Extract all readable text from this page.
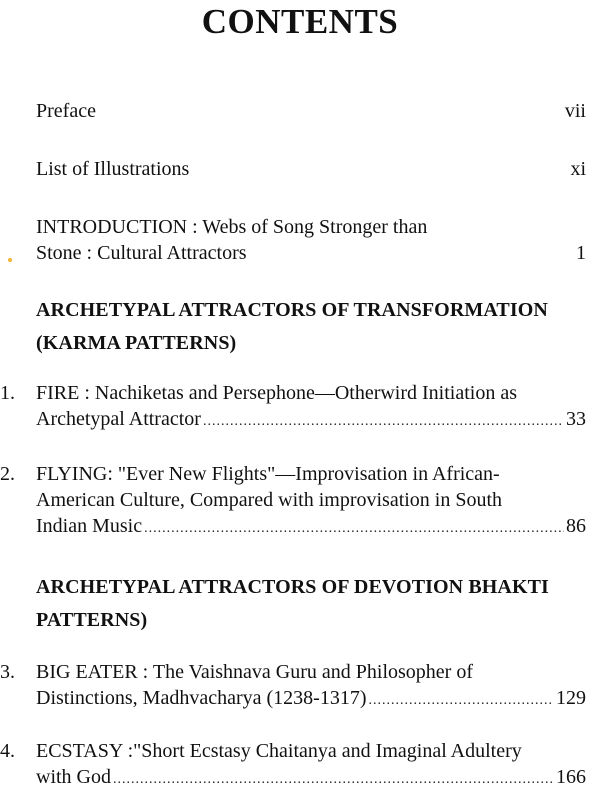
CONTENTS
Preface	vii
List of Illustrations	xi
INTRODUCTION : Webs of Song Stronger than
Stone : Cultural Attractors	1
ARCHETYPAL ATTRACTORS OF TRANSFORMATION
(KARMA PATTERNS)
1.	FIRE : Nachiketas and Persephone—Otherwird Initiation as
Archetypal Attractor .....	33
2.	FLYING: "Ever New Flights"—Improvisation in African-
American Culture, Compared with improvisation in South
Indian Music .....	86
ARCHETYPAL ATTRACTORS OF DEVOTION BHAKTI
PATTERNS)
3.	BIG EATER : The Vaishnava Guru and Philosopher of
Distinctions, Madhvacharya (1238-1317) .....	129
4.	ECSTASY :"Short Ecstasy Chaitanya and Imaginal Adultery
with God .....	166
